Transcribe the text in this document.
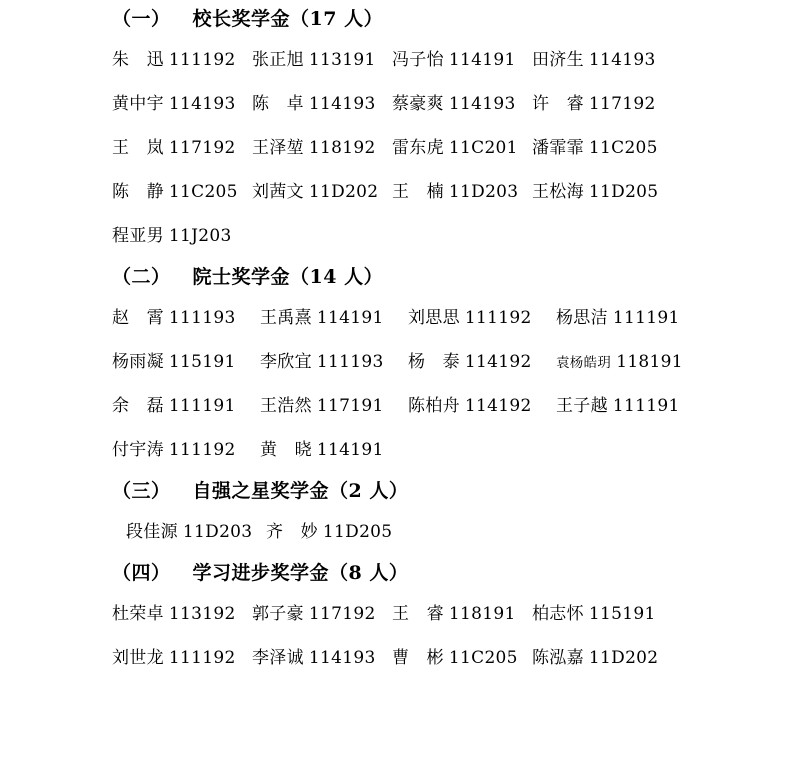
（一） 校长奖学金（17 人）
朱　迅 111192 张正旭 113191 冯子怡 114191 田济生 114193
黄中宇 114193 陈　卓 114193 蔡豪爽 114193 许　睿 117192
王　岚 117192 王泽堃 118192 雷东虎 11C201 潘霏霏 11C205
陈　静 11C205 刘茜文 11D202 王　楠 11D203 王松海 11D205
程亚男 11J203
（二） 院士奖学金（14 人）
赵　霄 111193	王禹熹 114191	刘思思 111192	杨思洁 111191
杨雨凝 115191	李欣宜 111193	杨　泰 114192	袁杨皓玥 118191
余　磊 111191	王浩然 117191	陈柏舟 114192	王子越 111191
付宇涛 111192	黄　晓 114191
（三） 自强之星奖学金（2 人）
段佳源 11D203 齐　妙 11D205
（四） 学习进步奖学金（8 人）
杜荣卓 113192 郭子豪 117192 王　睿 118191 柏志怀 115191
刘世龙 111192 李泽诚 114193 曹　彬 11C205 陈泓嘉 11D202
